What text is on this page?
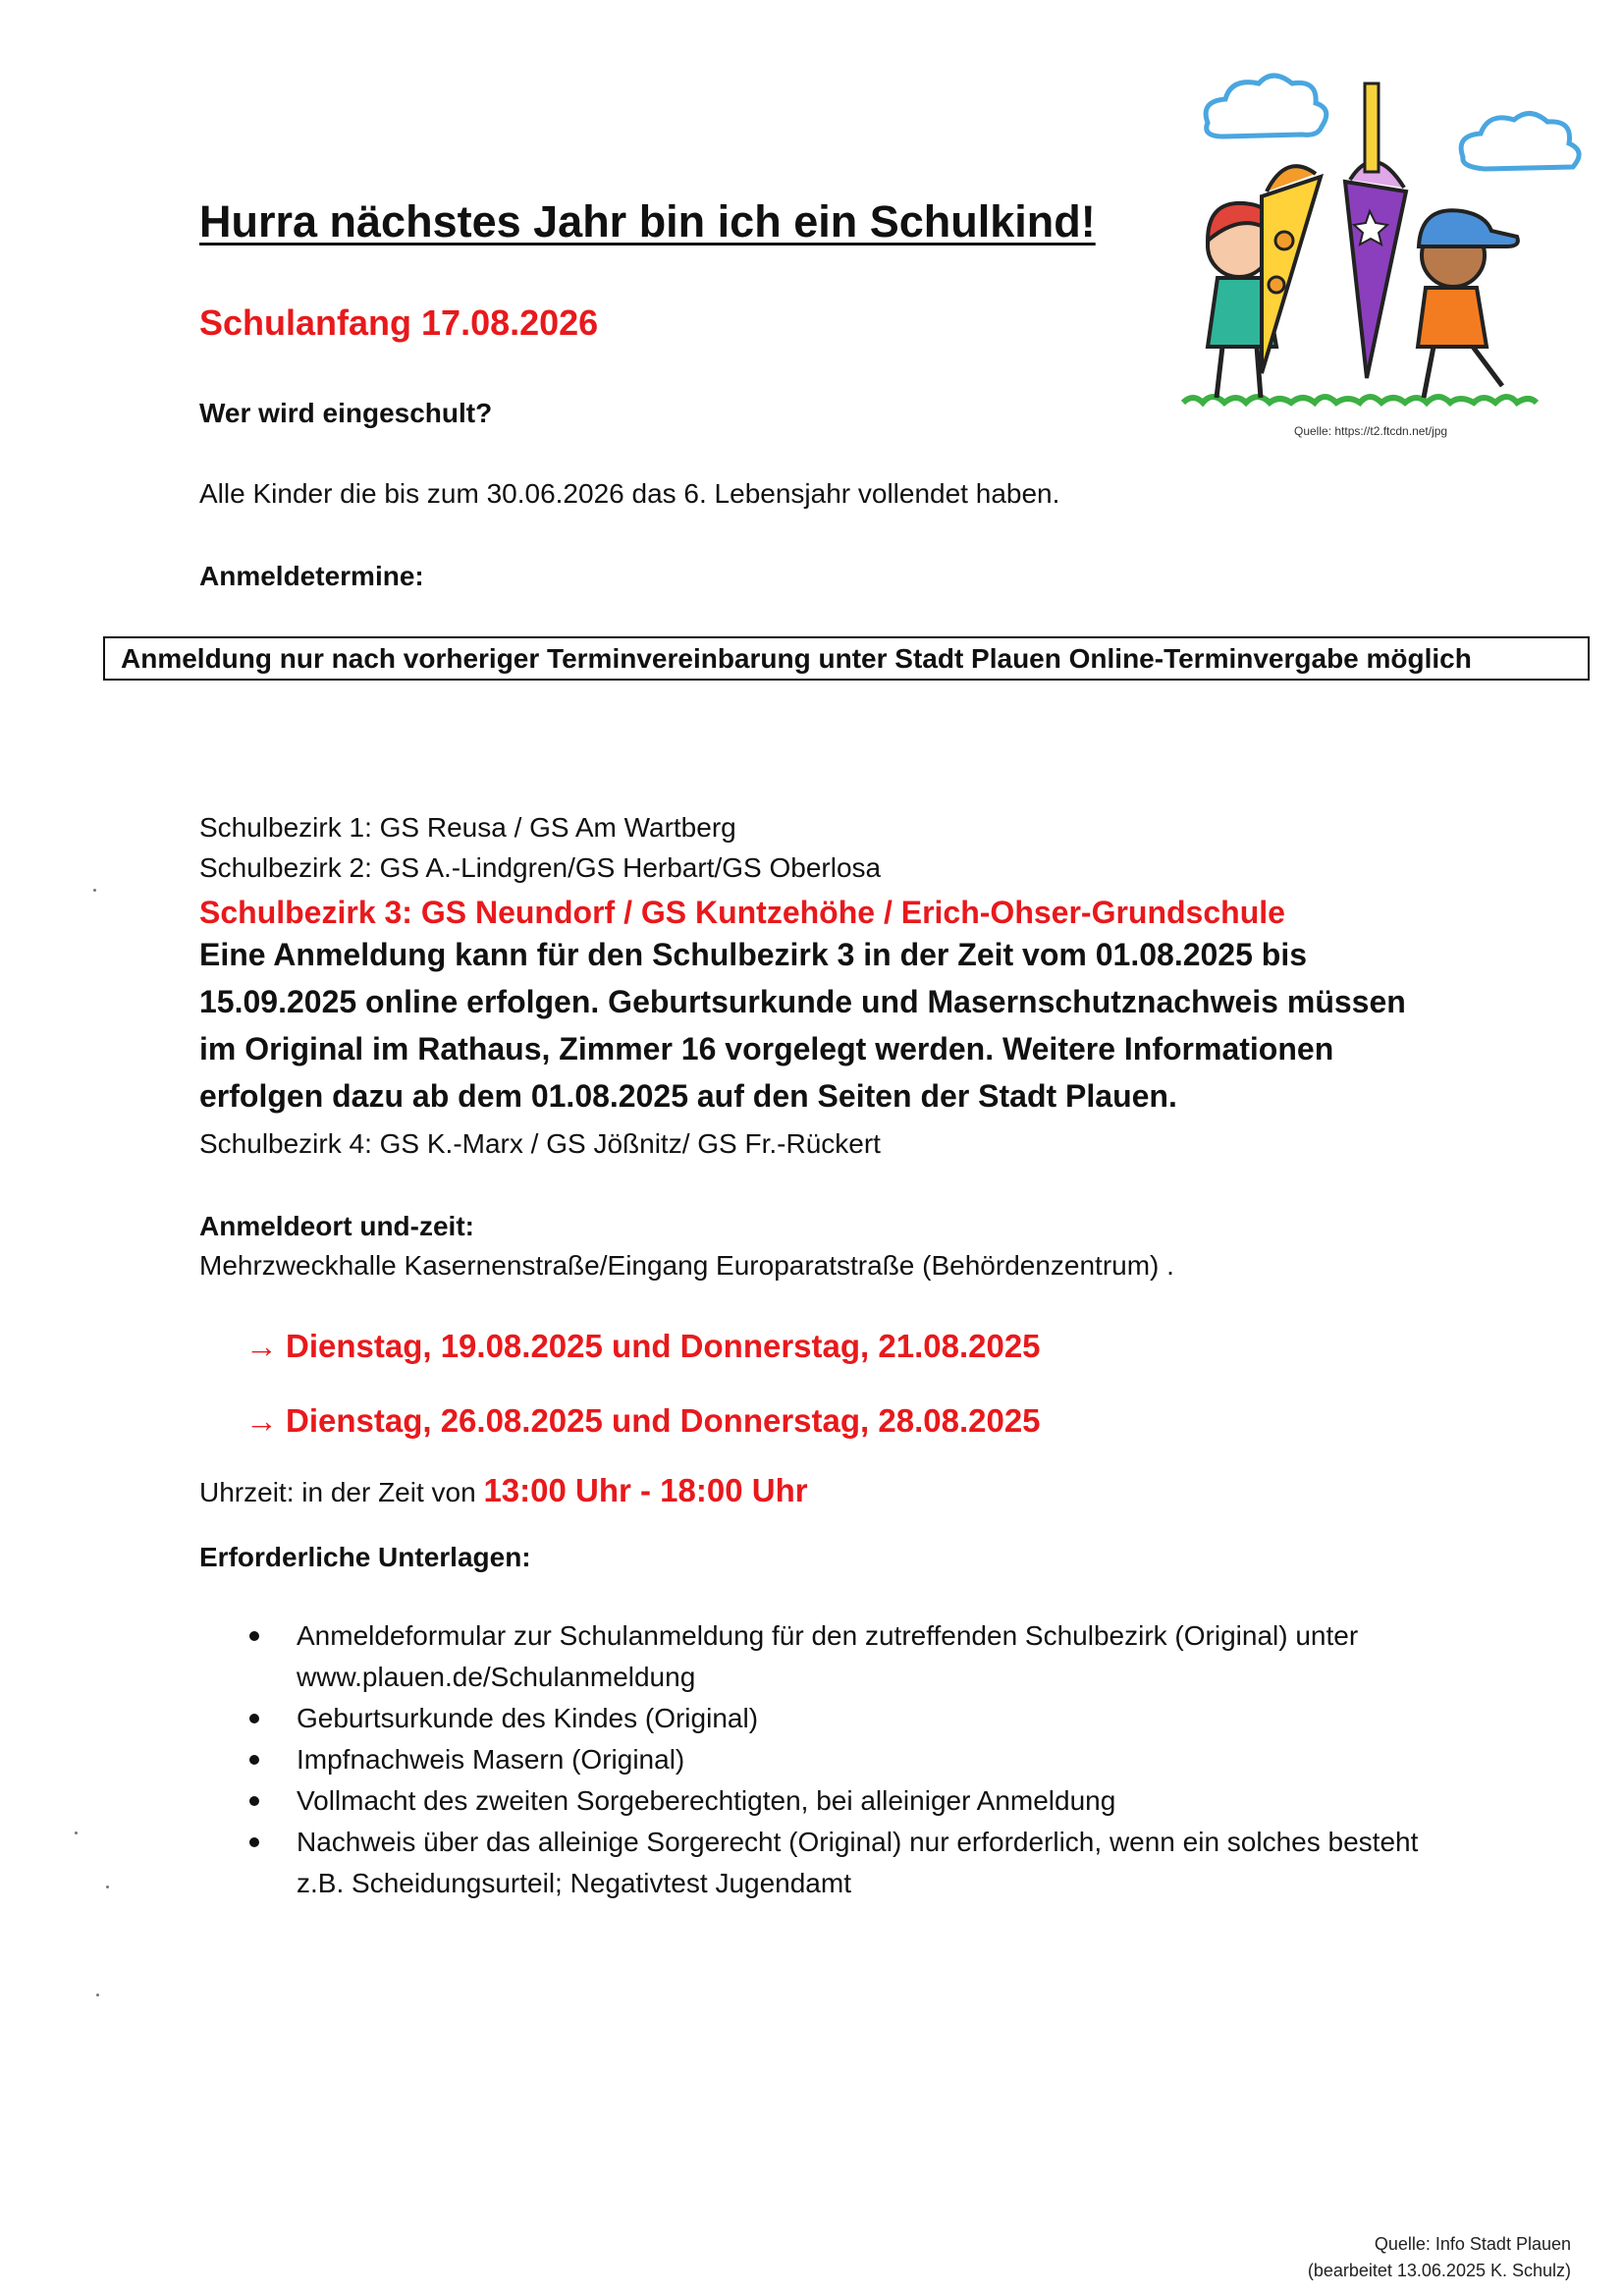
Hurra nächstes Jahr bin ich ein Schulkind!
Schulanfang 17.08.2026
Wer wird eingeschult?
Quelle: https://t2.ftcdn.net/jpg
Alle Kinder die bis zum 30.06.2026 das 6. Lebensjahr vollendet haben.
Anmeldetermine:
Anmeldung nur nach vorheriger Terminvereinbarung unter Stadt Plauen Online-Terminvergabe möglich
Schulbezirk 1: GS Reusa / GS Am Wartberg
Schulbezirk 2: GS A.-Lindgren/GS Herbart/GS Oberlosa
Schulbezirk 3: GS Neundorf / GS Kuntzehöhe / Erich-Ohser-Grundschule
Eine Anmeldung kann für den Schulbezirk 3 in der Zeit vom 01.08.2025 bis
15.09.2025 online erfolgen. Geburtsurkunde und Masernschutznachweis müssen
im Original im Rathaus, Zimmer 16 vorgelegt werden. Weitere Informationen
erfolgen dazu ab dem 01.08.2025 auf den Seiten der Stadt Plauen.
Schulbezirk 4: GS K.-Marx / GS Jößnitz/ GS Fr.-Rückert
Anmeldeort und-zeit:
Mehrzweckhalle Kasernenstraße/Eingang Europaratstraße (Behördenzentrum) .
→ Dienstag, 19.08.2025 und Donnerstag, 21.08.2025
→ Dienstag, 26.08.2025 und Donnerstag, 28.08.2025
Uhrzeit: in der Zeit von 13:00 Uhr - 18:00 Uhr
Erforderliche Unterlagen:
Anmeldeformular zur Schulanmeldung für den zutreffenden Schulbezirk (Original) unter
www.plauen.de/Schulanmeldung
Geburtsurkunde des Kindes (Original)
Impfnachweis Masern (Original)
Vollmacht des zweiten Sorgeberechtigten, bei alleiniger Anmeldung
Nachweis über das alleinige Sorgerecht (Original) nur erforderlich, wenn ein solches besteht
z.B. Scheidungsurteil; Negativtest Jugendamt
Quelle: Info Stadt Plauen
(bearbeitet 13.06.2025 K. Schulz)
